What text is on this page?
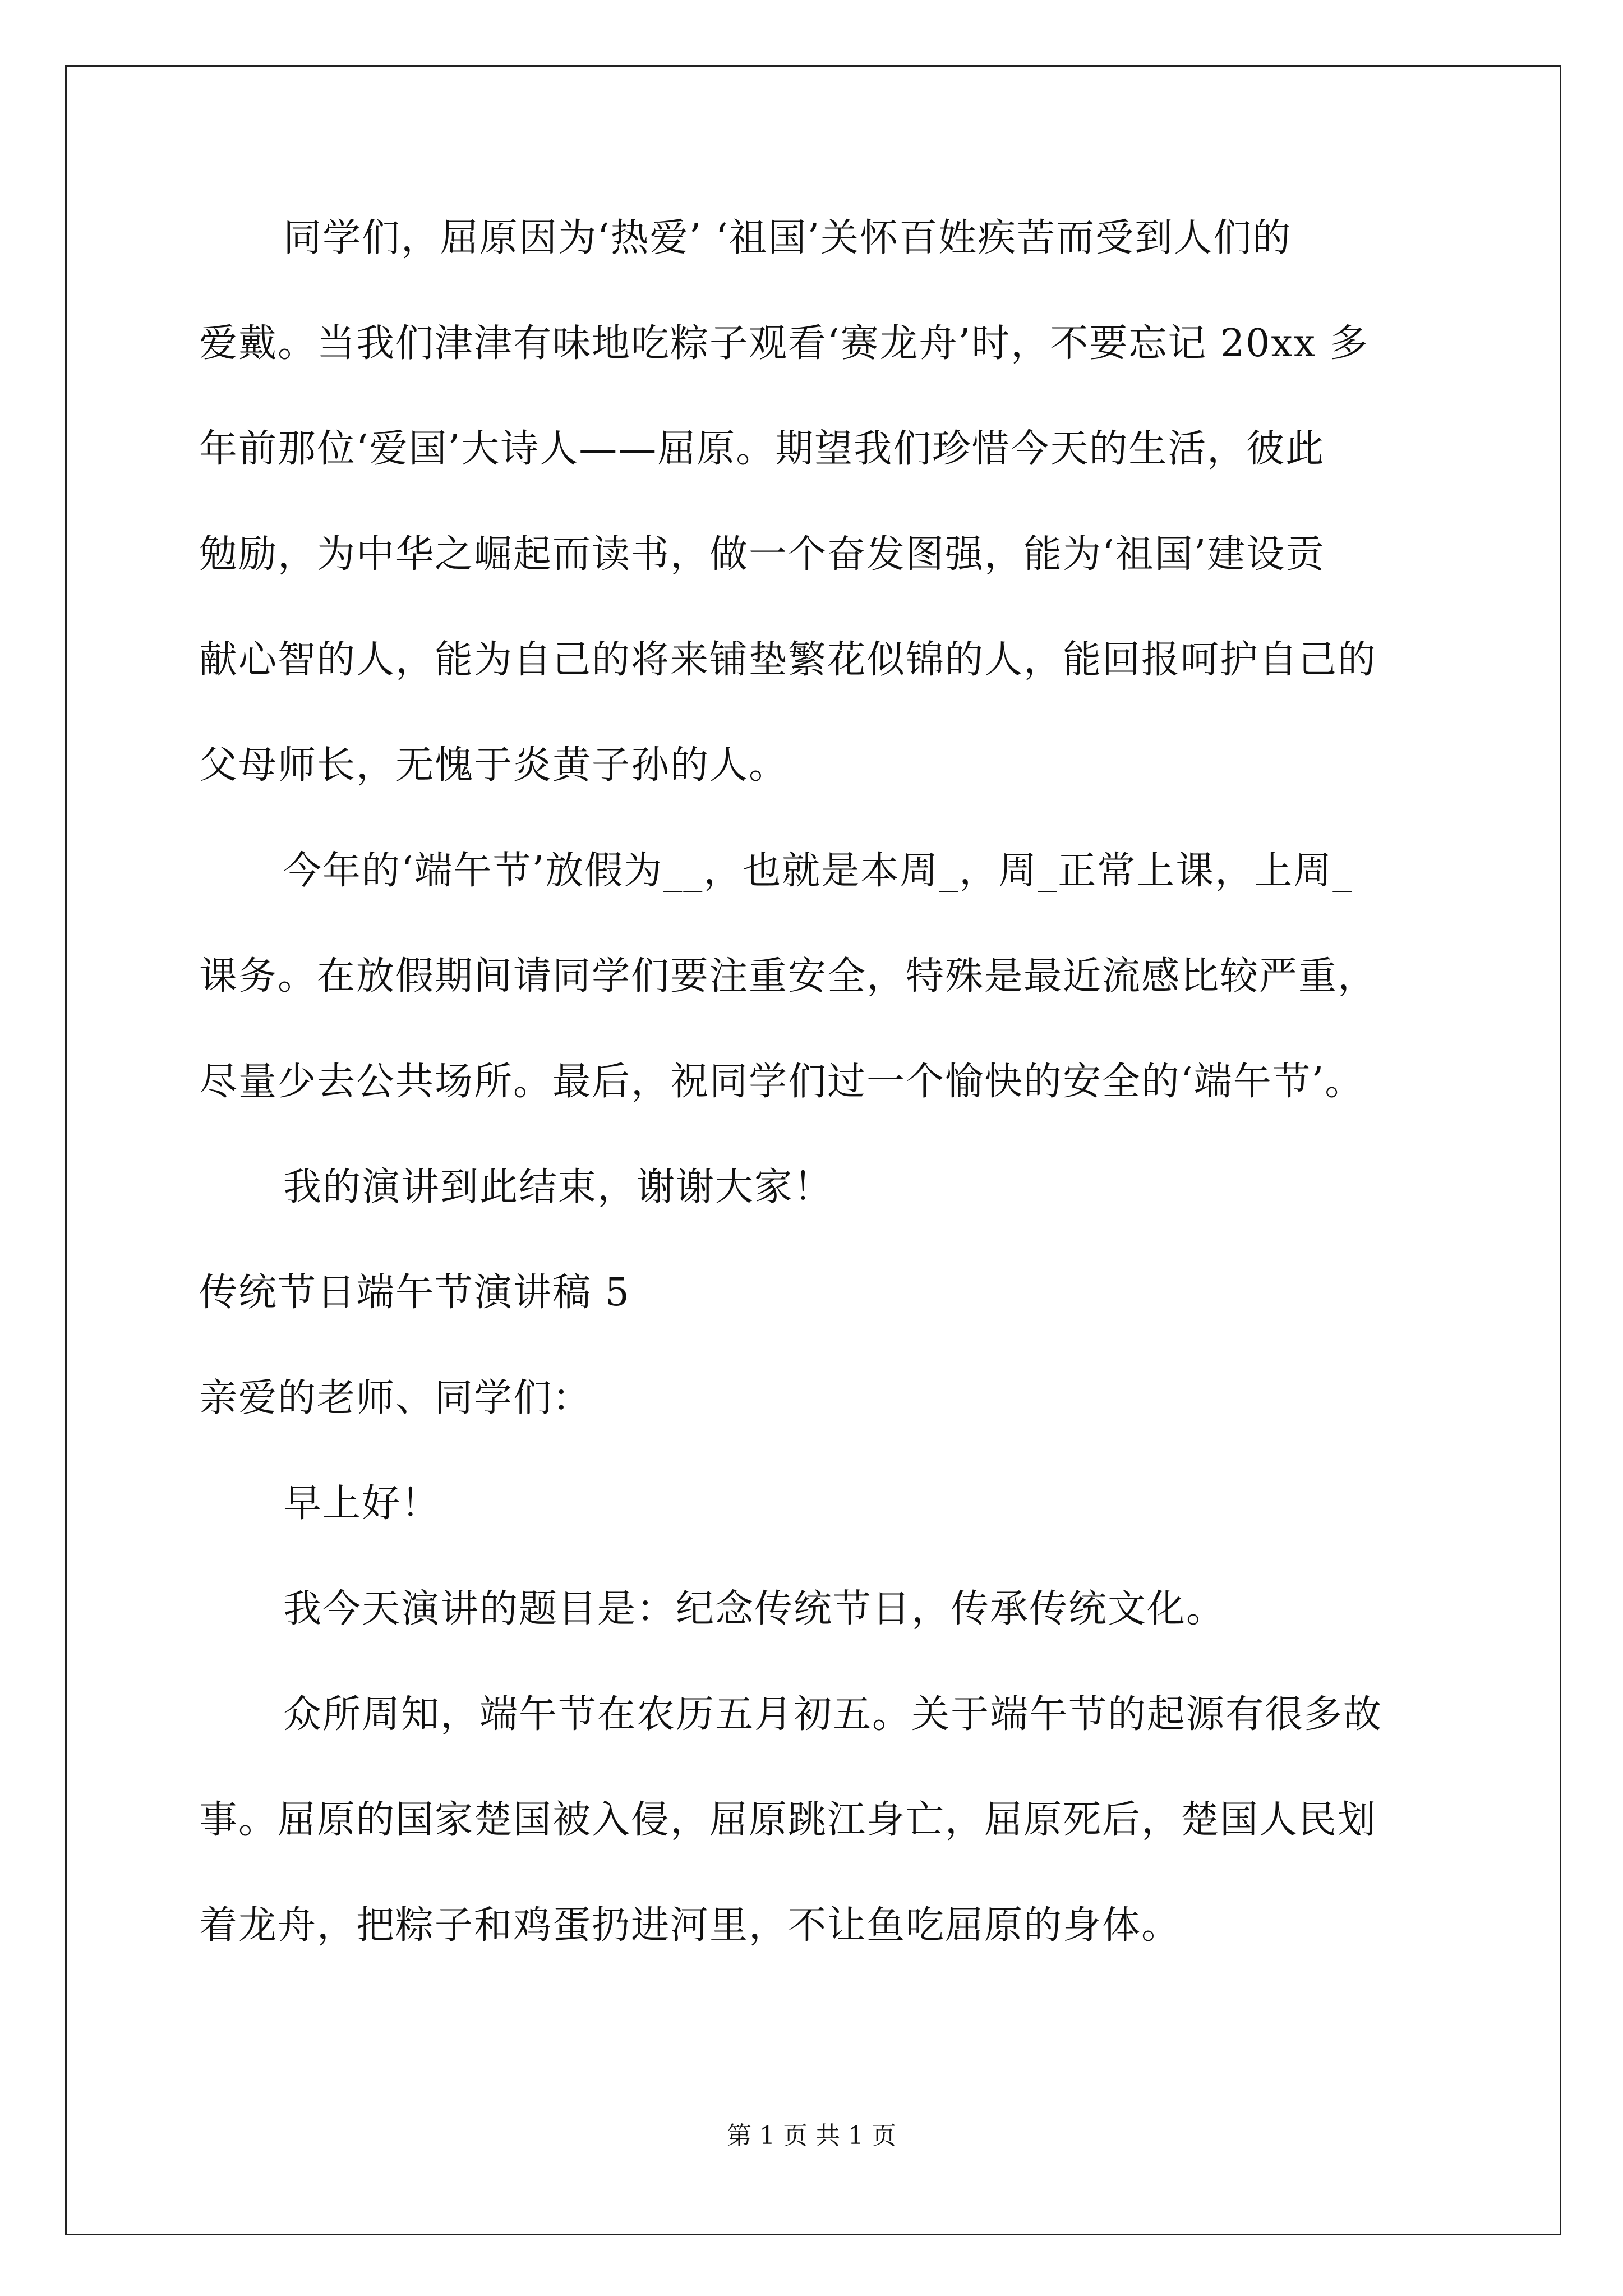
同学们，屈原因为‘热爱’ ‘祖国’关怀百姓疾苦而受到人们的
爱戴。当我们津津有味地吃粽子观看‘赛龙舟’时，不要忘记 20xx 多
年前那位‘爱国’大诗人——屈原。期望我们珍惜今天的生活，彼此
勉励，为中华之崛起而读书，做一个奋发图强，能为‘祖国’建设贡
献心智的人，能为自己的将来铺垫繁花似锦的人，能回报呵护自己的
父母师长，无愧于炎黄子孙的人。
今年的‘端午节’放假为__，也就是本周_，周_正常上课，上周_
课务。在放假期间请同学们要注重安全，特殊是最近流感比较严重，
尽量少去公共场所。最后，祝同学们过一个愉快的安全的‘端午节’。
我的演讲到此结束，谢谢大家！
传统节日端午节演讲稿 5
亲爱的老师、同学们：
早上好！
我今天演讲的题目是：纪念传统节日，传承传统文化。
众所周知，端午节在农历五月初五。关于端午节的起源有很多故
事。屈原的国家楚国被入侵，屈原跳江身亡，屈原死后，楚国人民划
着龙舟，把粽子和鸡蛋扔进河里，不让鱼吃屈原的身体。
第 1 页 共 1 页
